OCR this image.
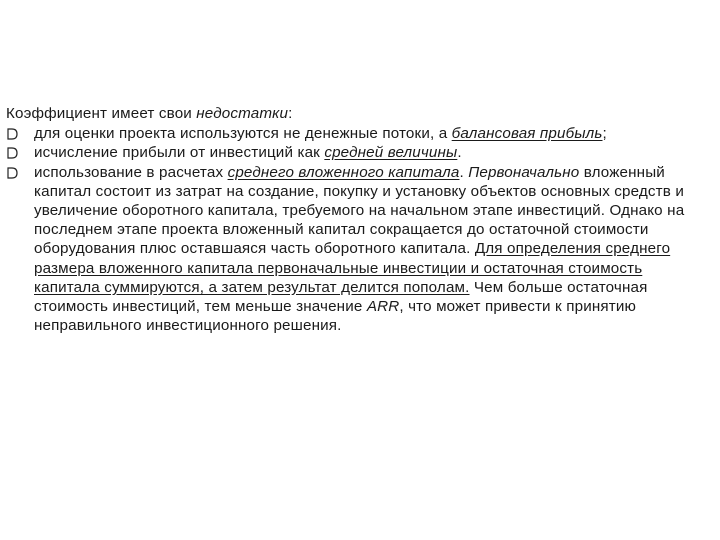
Коэффициент имеет свои недостатки:
для оценки проекта используются не денежные потоки, а балансовая прибыль;
исчисление прибыли от инвестиций как средней величины.
использование в расчетах среднего вложенного капитала. Первоначально вложенный капитал состоит из затрат на создание, покупку и установку объектов основных средств и увеличение оборотного капитала, требуемого на начальном этапе инвестиций. Однако на последнем этапе проекта вложенный капитал сокращается до остаточной стоимости оборудования плюс оставшаяся часть оборотного капитала. Для определения среднего размера вложенного капитала первоначальные инвестиции и остаточная стоимость капитала суммируются, а затем результат делится пополам. Чем больше остаточная стоимость инвестиций, тем меньше значение ARR, что может привести к принятию неправильного инвестиционного решения.
